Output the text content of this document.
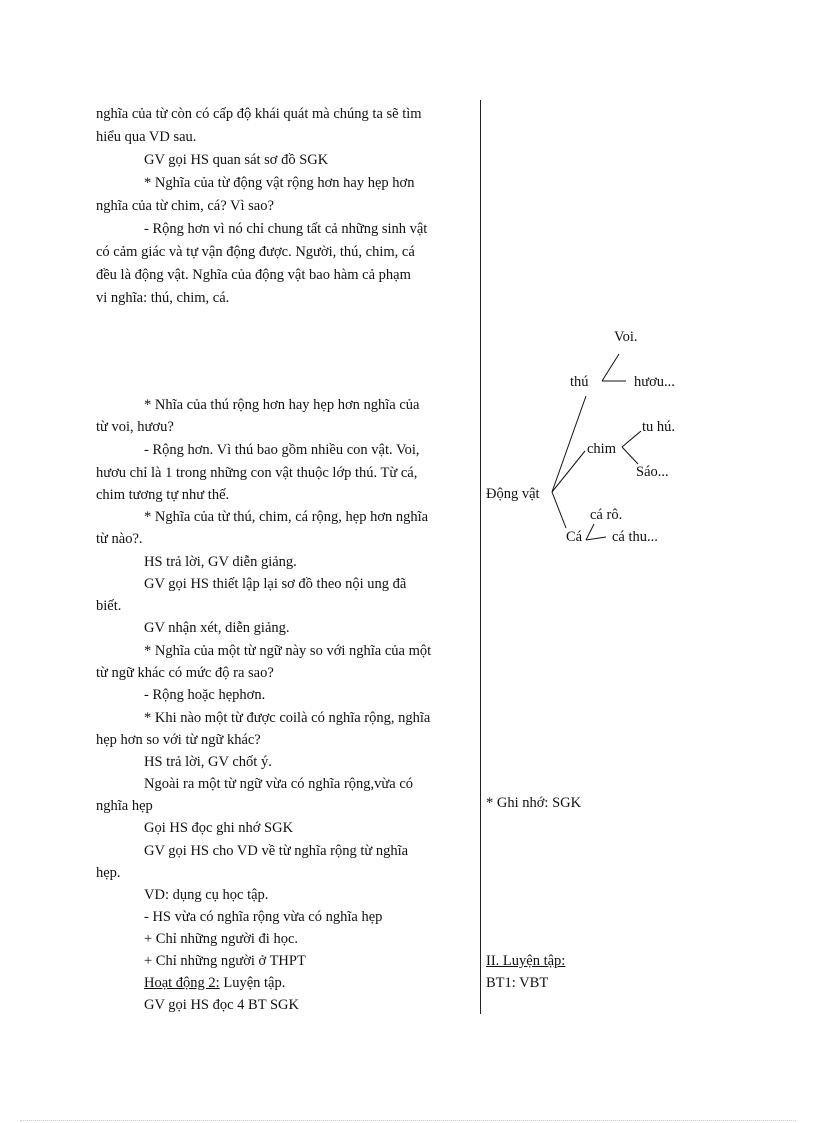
nghĩa của từ còn có cấp độ khái quát mà chúng ta sẽ tìm
hiểu qua VD sau.
GV gọi HS quan sát sơ đồ SGK
* Nghĩa của từ động vật rộng hơn hay hẹp hơn
nghĩa của từ chim, cá? Vì sao?
- Rộng hơn vì nó chỉ chung tất cả những sinh vật
có cảm giác và tự vận động được. Người, thú, chim, cá
đều là động vật. Nghĩa của động vật bao hàm cả phạm
vi nghĩa: thú, chim, cá.
* Nhĩa của thú rộng hơn hay hẹp hơn nghĩa của
từ voi, hươu?
- Rộng hơn. Vì thú bao gồm nhiều con vật. Voi,
hươu chỉ là 1 trong những con vật thuộc lớp thú. Từ cá,
chim tương tự như thế.
* Nghĩa của từ thú, chim, cá rộng, hẹp hơn nghĩa
từ nào?.
HS trả lời, GV diễn giảng.
GV gọi HS thiết lập lại sơ đồ theo nội ung đã
biết.
GV nhận xét, diễn giảng.
* Nghĩa của một từ ngữ này so với nghĩa của một
từ ngữ khác có mức độ ra sao?
- Rộng hoặc hẹphơn.
* Khi nào một từ được coilà có nghĩa rộng, nghĩa
hẹp hơn so với từ ngữ khác?
HS trả lời, GV chốt ý.
Ngoài ra một từ ngữ vừa có nghĩa rộng,vừa có
nghĩa hẹp
Gọi HS đọc ghi nhớ SGK
GV gọi HS cho VD về từ nghĩa rộng từ nghĩa
hẹp.
VD: dụng cụ học tập.
- HS vừa có nghĩa rộng vừa có nghĩa hẹp
+ Chỉ những người đi học.
+ Chỉ những người ở THPT
Hoạt động 2: Luyện tập.
GV gọi HS đọc 4 BT SGK
Voi.
thú	hươu...
tu hú.
chim
Sáo...
Động vật
cá rô.
Cá cá thu...
* Ghi nhớ: SGK
II. Luyện tập:
BT1: VBT
